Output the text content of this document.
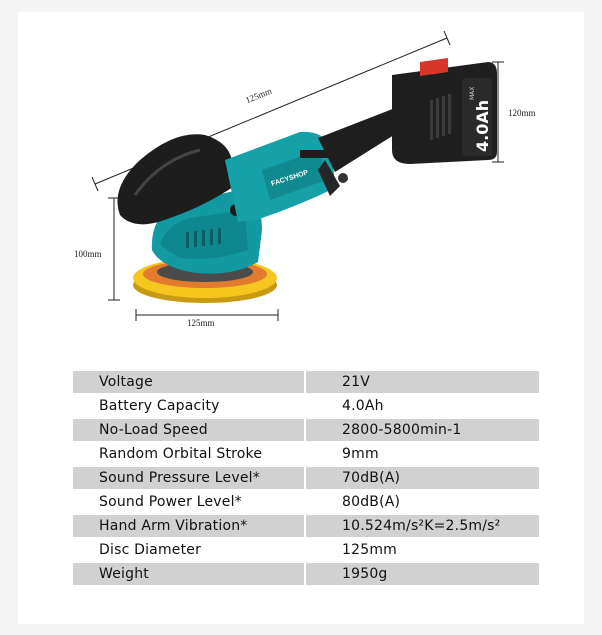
FACYSHOP
4.0Ah
MAX
125mm
40mm
120mm
100mm
125mm
Voltage	21V
Battery Capacity	4.0Ah
No-Load Speed	2800-5800min-1
Random Orbital Stroke	9mm
Sound Pressure Level*	70dB(A)
Sound Power Level*	80dB(A)
Hand Arm Vibration*	10.524m/s²K=2.5m/s²
Disc Diameter	125mm
Weight	1950g
